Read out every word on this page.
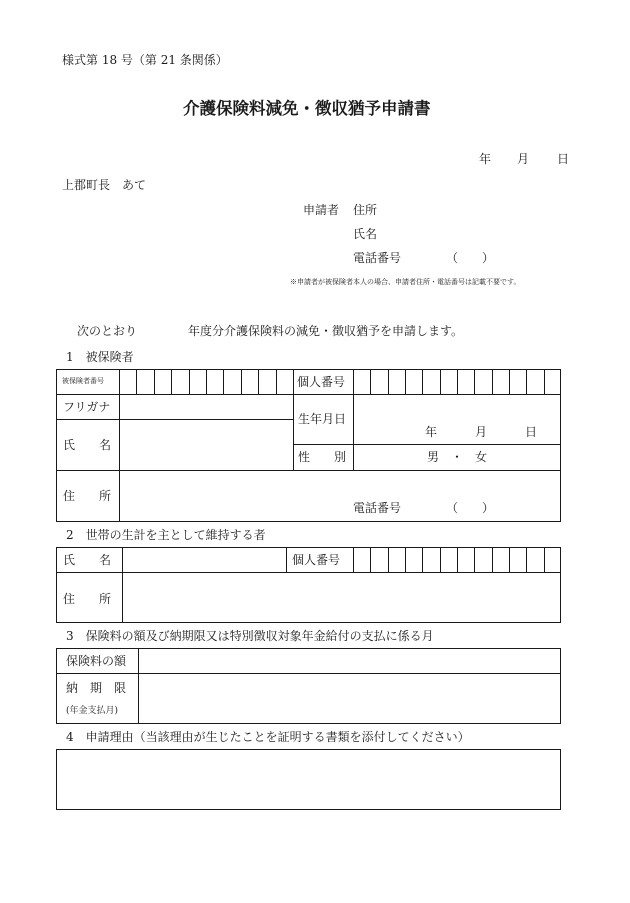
様式第 18 号（第 21 条関係）
介護保険料減免・徴収猶予申請書
年 月 日
上郡町長　あて
申請者 住所
氏名
電話番号	（　　）
※申請者が被保険者本人の場合、申請者住所・電話番号は記載不要です。
次のとおり	年度分介護保険料の減免・徴収猶予を申請します。
1　被保険者
被保険者番号	個人番号
フリガナ
氏　　名
生年月日
年	月	日
性　　別	男　・　女
住　　所
電話番号	（　　）
2　世帯の生計を主として維持する者
氏　　名	個人番号
住　　所
3　保険料の額及び納期限又は特別徴収対象年金給付の支払に係る月
保険料の額
納　期　限
(年金支払月)
4　申請理由（当該理由が生じたことを証明する書類を添付してください）
